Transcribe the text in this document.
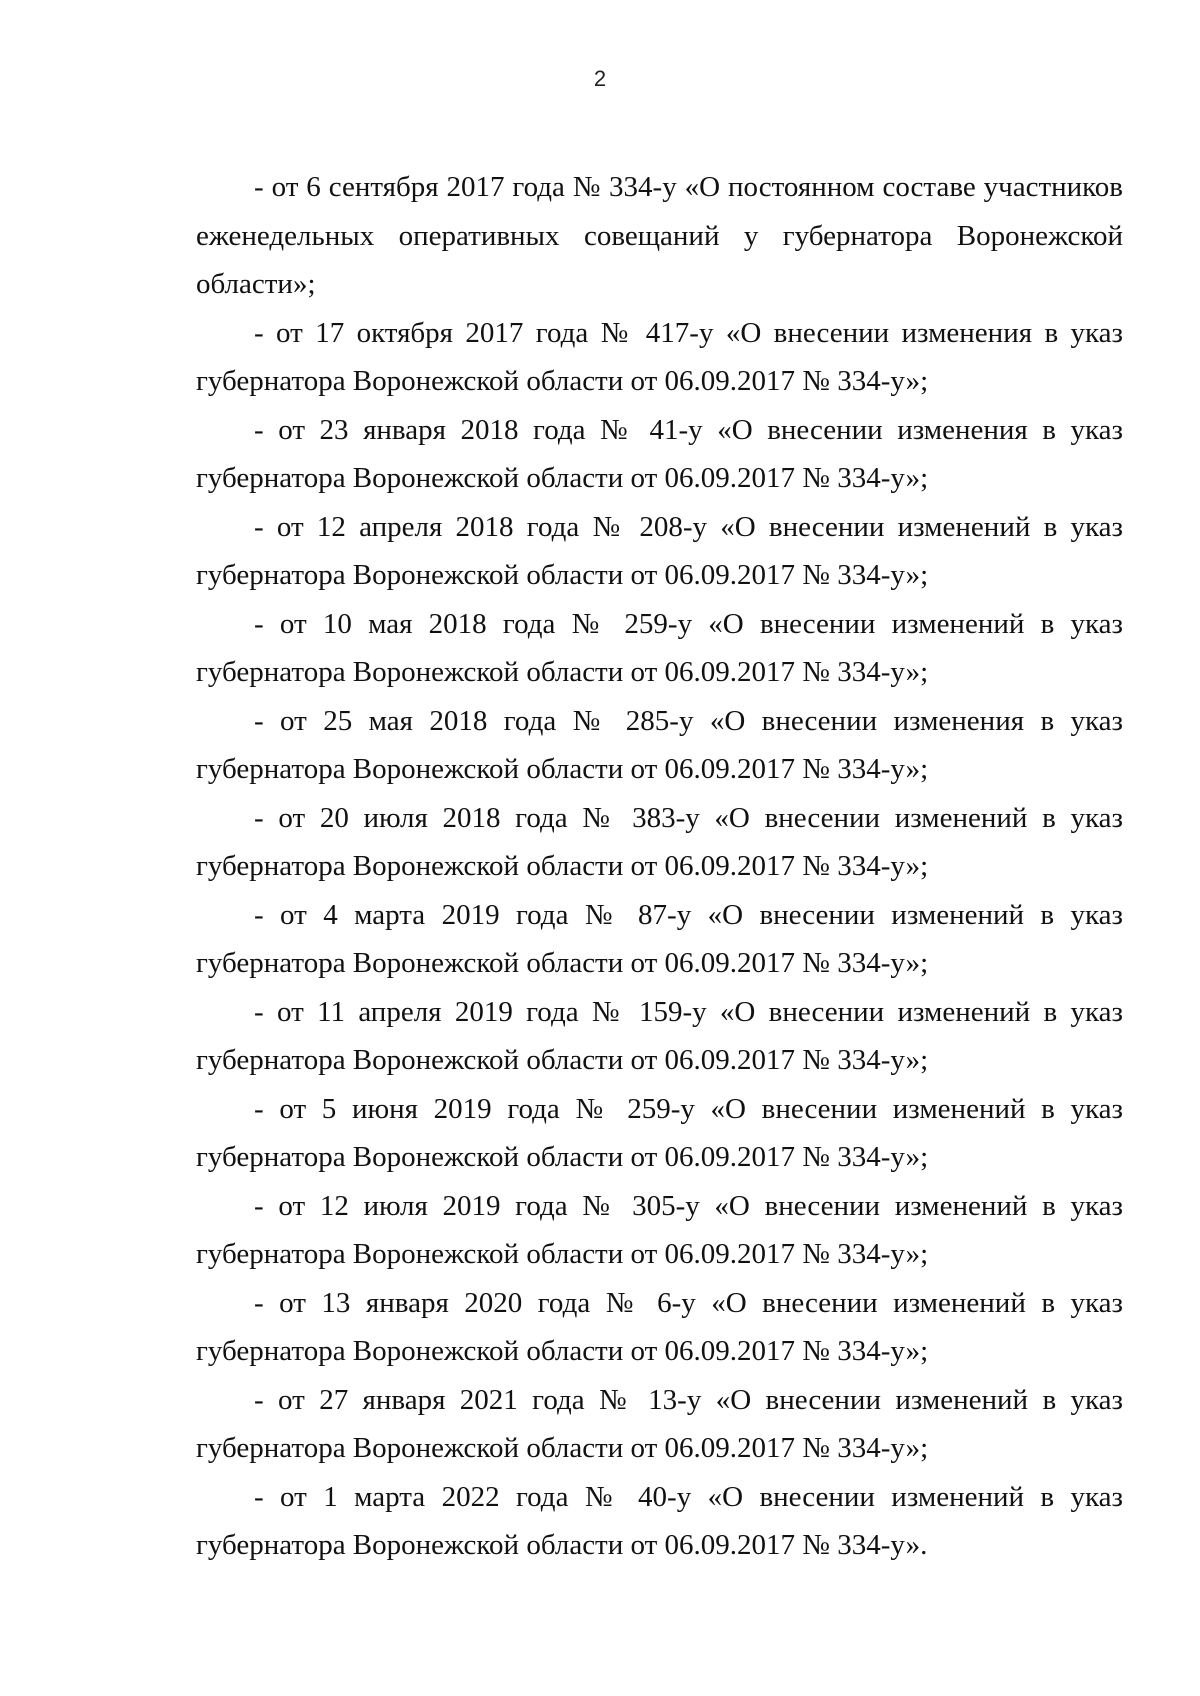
2

- от 6 сентября 2017 года № 334-у «О постоянном составе участников еженедельных оперативных совещаний у губернатора Воронежской области»;

- от 17 октября 2017 года № 417-у «О внесении изменения в указ губернатора Воронежской области от 06.09.2017 № 334-у»;

- от 23 января 2018 года № 41-у «О внесении изменения в указ губернатора Воронежской области от 06.09.2017 № 334-у»;

- от 12 апреля 2018 года № 208-у «О внесении изменений в указ губернатора Воронежской области от 06.09.2017 № 334-у»;

- от 10 мая 2018 года № 259-у «О внесении изменений в указ губернатора Воронежской области от 06.09.2017 № 334-у»;

- от 25 мая 2018 года № 285-у «О внесении изменения в указ губернатора Воронежской области от 06.09.2017 № 334-у»;

- от 20 июля 2018 года № 383-у «О внесении изменений в указ губернатора Воронежской области от 06.09.2017 № 334-у»;

- от 4 марта 2019 года № 87-у «О внесении изменений в указ губернатора Воронежской области от 06.09.2017 № 334-у»;

- от 11 апреля 2019 года № 159-у «О внесении изменений в указ губернатора Воронежской области от 06.09.2017 № 334-у»;

- от 5 июня 2019 года № 259-у «О внесении изменений в указ губернатора Воронежской области от 06.09.2017 № 334-у»;

- от 12 июля 2019 года № 305-у «О внесении изменений в указ губернатора Воронежской области от 06.09.2017 № 334-у»;

- от 13 января 2020 года № 6-у «О внесении изменений в указ губернатора Воронежской области от 06.09.2017 № 334-у»;

- от 27 января 2021 года № 13-у «О внесении изменений в указ губернатора Воронежской области от 06.09.2017 № 334-у»;

- от 1 марта 2022 года № 40-у «О внесении изменений в указ губернатора Воронежской области от 06.09.2017 № 334-у».
